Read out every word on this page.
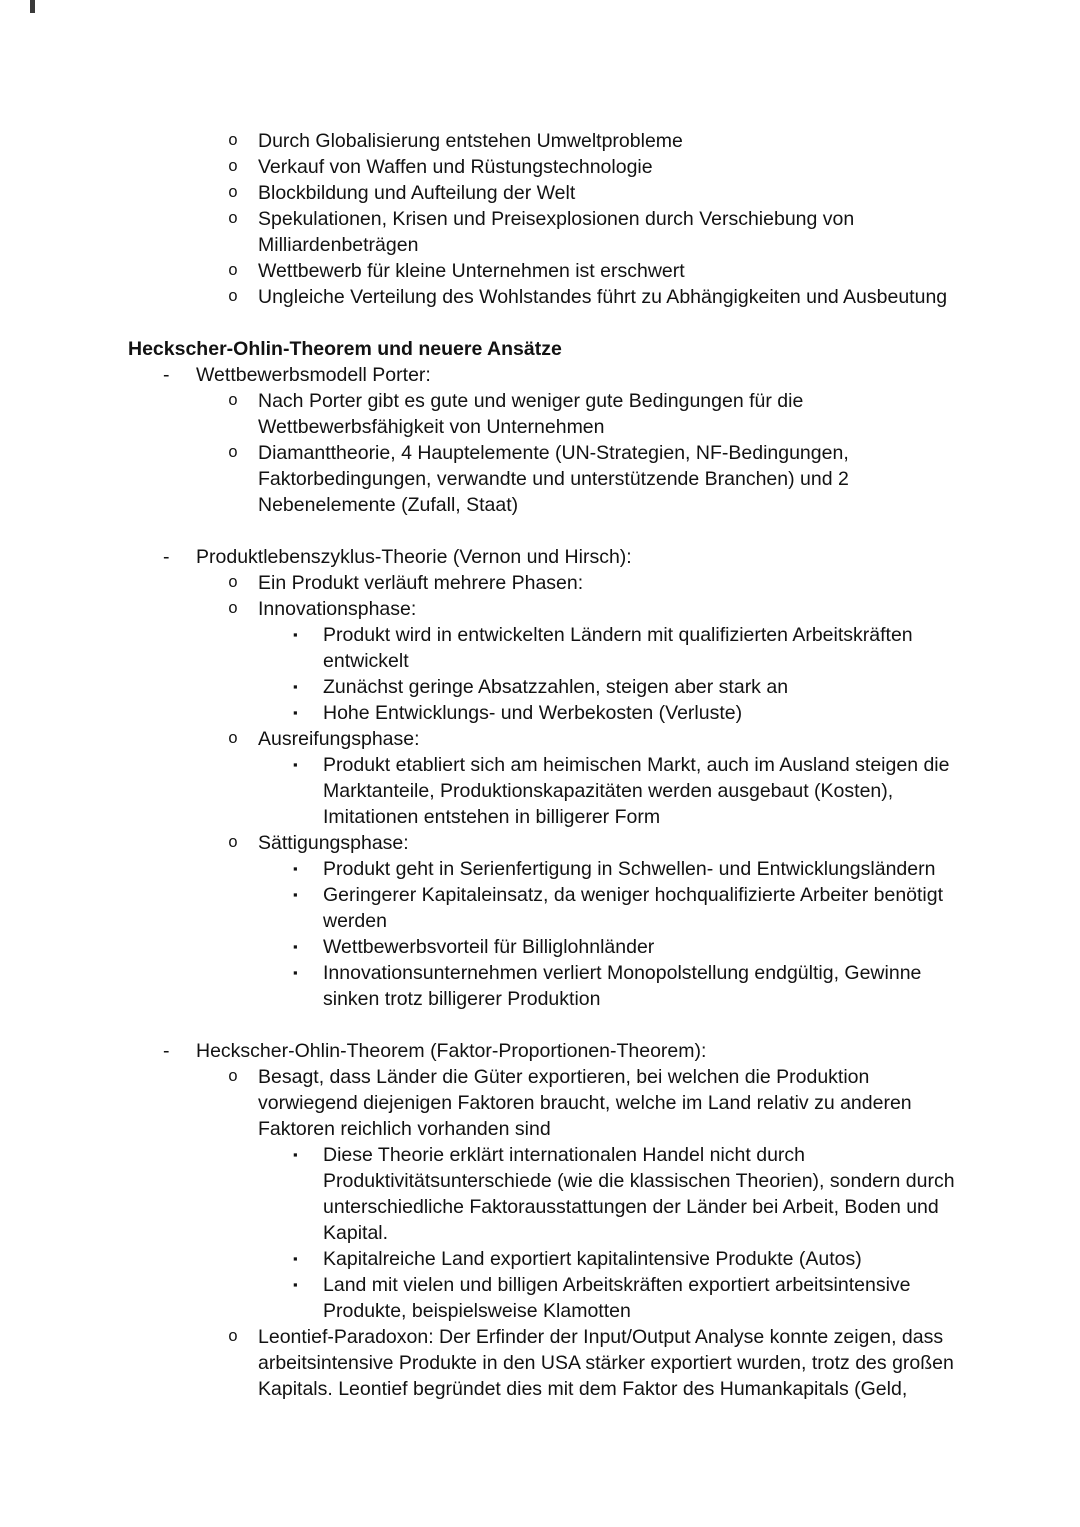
o Durch Globalisierung entstehen Umweltprobleme
o Verkauf von Waffen und Rüstungstechnologie
o Blockbildung und Aufteilung der Welt
o Spekulationen, Krisen und Preisexplosionen durch Verschiebung von Milliardenbeträgen
o Wettbewerb für kleine Unternehmen ist erschwert
o Ungleiche Verteilung des Wohlstandes führt zu Abhängigkeiten und Ausbeutung
Heckscher-Ohlin-Theorem und neuere Ansätze
- Wettbewerbsmodell Porter:
o Nach Porter gibt es gute und weniger gute Bedingungen für die Wettbewerbsfähigkeit von Unternehmen
o Diamanttheorie, 4 Hauptelemente (UN-Strategien, NF-Bedingungen, Faktorbedingungen, verwandte und unterstützende Branchen) und 2 Nebenelemente (Zufall, Staat)
- Produktlebenszyklus-Theorie (Vernon und Hirsch):
o Ein Produkt verläuft mehrere Phasen:
o Innovationsphase:
▪ Produkt wird in entwickelten Ländern mit qualifizierten Arbeitskräften entwickelt
▪ Zunächst geringe Absatzzahlen, steigen aber stark an
▪ Hohe Entwicklungs- und Werbekosten (Verluste)
o Ausreifungsphase:
▪ Produkt etabliert sich am heimischen Markt, auch im Ausland steigen die Marktanteile, Produktionskapazitäten werden ausgebaut (Kosten), Imitationen entstehen in billigerer Form
o Sättigungsphase:
▪ Produkt geht in Serienfertigung in Schwellen- und Entwicklungsländern
▪ Geringerer Kapitaleinsatz, da weniger hochqualifizierte Arbeiter benötigt werden
▪ Wettbewerbsvorteil für Billiglohnländer
▪ Innovationsunternehmen verliert Monopolstellung endgültig, Gewinne sinken trotz billigerer Produktion
- Heckscher-Ohlin-Theorem (Faktor-Proportionen-Theorem):
o Besagt, dass Länder die Güter exportieren, bei welchen die Produktion vorwiegend diejenigen Faktoren braucht, welche im Land relativ zu anderen Faktoren reichlich vorhanden sind
▪ Diese Theorie erklärt internationalen Handel nicht durch Produktivitätsunterschiede (wie die klassischen Theorien), sondern durch unterschiedliche Faktorausstattungen der Länder bei Arbeit, Boden und Kapital.
▪ Kapitalreiche Land exportiert kapitalintensive Produkte (Autos)
▪ Land mit vielen und billigen Arbeitskräften exportiert arbeitsintensive Produkte, beispielsweise Klamotten
o Leontief-Paradoxon: Der Erfinder der Input/Output Analyse konnte zeigen, dass arbeitsintensive Produkte in den USA stärker exportiert wurden, trotz des großen Kapitals. Leontief begründet dies mit dem Faktor des Humankapitals (Geld,
